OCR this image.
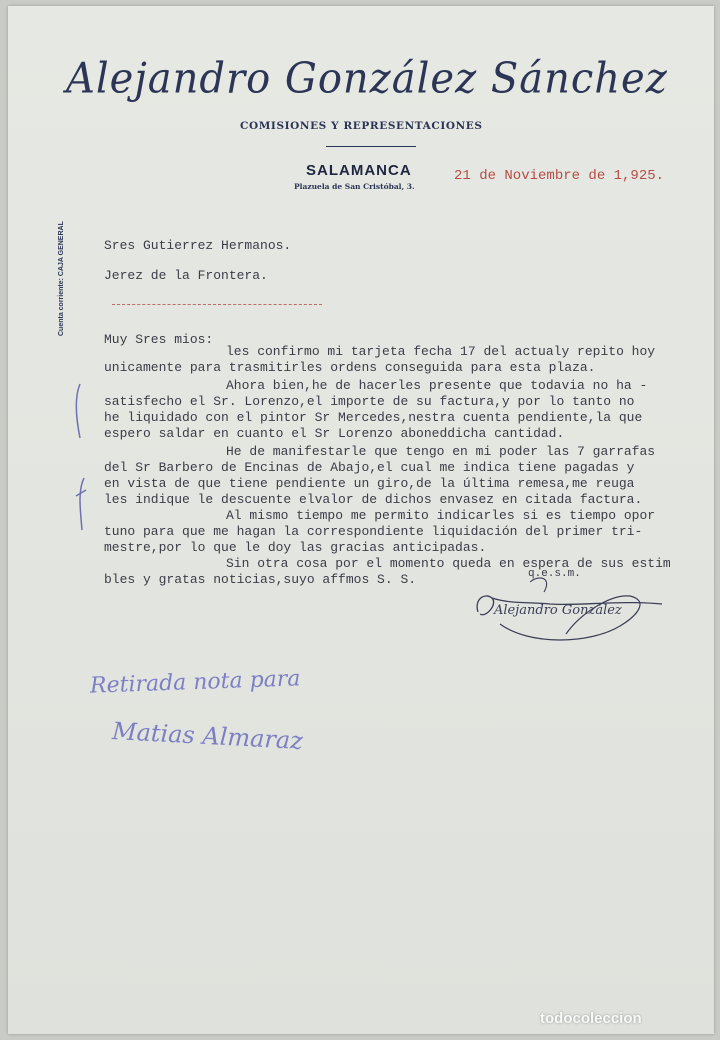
Alejandro González Sánchez
COMISIONES Y REPRESENTACIONES
SALAMANCA
Plazuela de San Cristóbal, 3.
21 de Noviembre de 1,925.
Cuenta corriente: CAJA GENERAL	Sres Gutierrez Hermanos.
Jerez de la Frontera.
Muy Sres mios:
les confirmo mi tarjeta fecha 17 del actualy repito hoy
unicamente para trasmitirles ordens conseguida para esta plaza.
Ahora bien,he de hacerles presente que todavia no ha -
satisfecho el Sr. Lorenzo,el importe de su factura,y por lo tanto no
he liquidado con el pintor Sr Mercedes,nestra cuenta pendiente,la que
espero saldar en cuanto el Sr Lorenzo aboneddicha cantidad.
He de manifestarle que tengo en mi poder las 7 garrafas
del Sr Barbero de Encinas de Abajo,el cual me indica tiene pagadas y
en vista de que tiene pendiente un giro,de la última remesa,me reuga
les indique le descuente elvalor de dichos envasez en citada factura.
Al mismo tiempo me permito indicarles si es tiempo opor
tuno para que me hagan la correspondiente liquidación del primer tri-
mestre,por lo que le doy las gracias anticipadas.
Sin otra cosa por el momento queda en espera de sus estim
bles y gratas noticias,suyo affmos S. S.	q.e.s.m.
Alejandro González
Retirada nota para
Matias Almaraz
todocoleccion
